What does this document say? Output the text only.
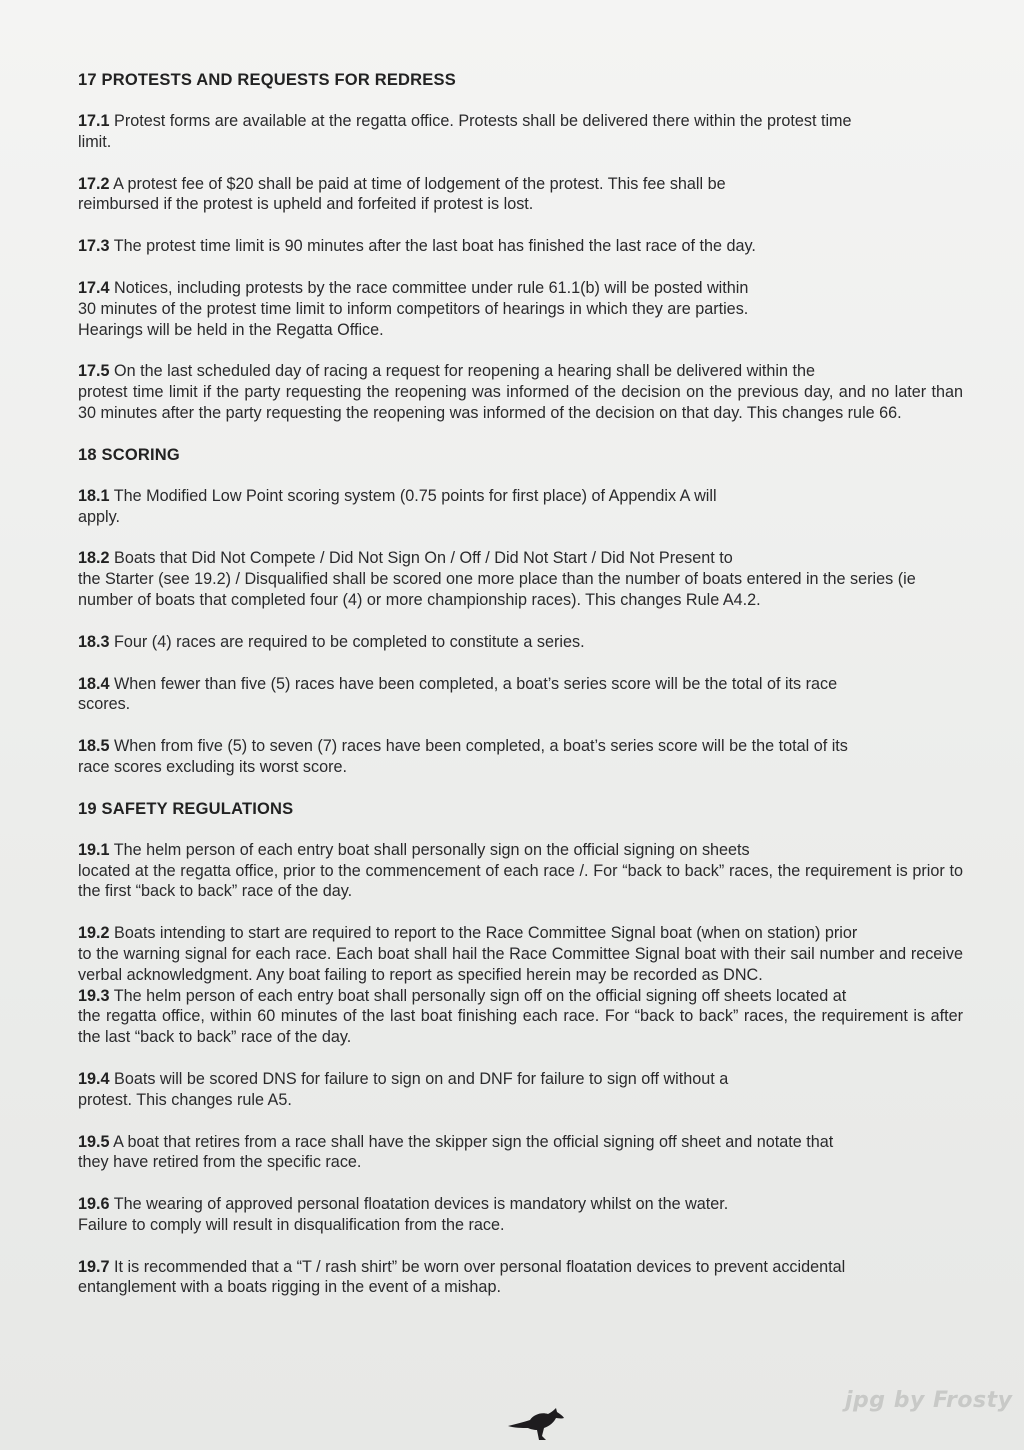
17 PROTESTS AND REQUESTS FOR REDRESS
17.1 Protest forms are available at the regatta office. Protests shall be delivered there within the protest time
limit.
17.2 A protest fee of $20 shall be paid at time of lodgement of the protest. This fee shall be
reimbursed if the protest is upheld and forfeited if protest is lost.
17.3 The protest time limit is 90 minutes after the last boat has finished the last race of the day.
17.4 Notices, including protests by the race committee under rule 61.1(b) will be posted within
30 minutes of the protest time limit to inform competitors of hearings in which they are parties.
Hearings will be held in the Regatta Office.
17.5 On the last scheduled day of racing a request for reopening a hearing shall be delivered within the
protest time limit if the party requesting the reopening was informed of the decision on the previous day, and no later than 30 minutes after the party requesting the reopening was informed of the decision on that day. This changes rule 66.
18 SCORING
18.1 The Modified Low Point scoring system (0.75 points for first place) of Appendix A will
apply.
18.2 Boats that Did Not Compete / Did Not Sign On / Off / Did Not Start / Did Not Present to
the Starter (see 19.2) / Disqualified shall be scored one more place than the number of boats entered in the series (ie number of boats that completed four (4) or more championship races). This changes Rule A4.2.
18.3 Four (4) races are required to be completed to constitute a series.
18.4 When fewer than five (5) races have been completed, a boat’s series score will be the total of its race
scores.
18.5 When from five (5) to seven (7) races have been completed, a boat’s series score will be the total of its
race scores excluding its worst score.
19 SAFETY REGULATIONS
19.1 The helm person of each entry boat shall personally sign on the official signing on sheets
located at the regatta office, prior to the commencement of each race /. For “back to back” races, the requirement is prior to the first “back to back” race of the day.
19.2 Boats intending to start are required to report to the Race Committee Signal boat (when on station) prior
to the warning signal for each race. Each boat shall hail the Race Committee Signal boat with their sail number and receive verbal acknowledgment. Any boat failing to report as specified herein may be recorded as DNC.
19.3 The helm person of each entry boat shall personally sign off on the official signing off sheets located at
the regatta office, within 60 minutes of the last boat finishing each race. For “back to back” races, the requirement is after the last “back to back” race of the day.
19.4 Boats will be scored DNS for failure to sign on and DNF for failure to sign off without a
protest. This changes rule A5.
19.5 A boat that retires from a race shall have the skipper sign the official signing off sheet and notate that
they have retired from the specific race.
19.6 The wearing of approved personal floatation devices is mandatory whilst on the water.
Failure to comply will result in disqualification from the race.
19.7 It is recommended that a “T / rash shirt” be worn over personal floatation devices to prevent accidental
entanglement with a boats rigging in the event of a mishap.
jpg by Frosty
